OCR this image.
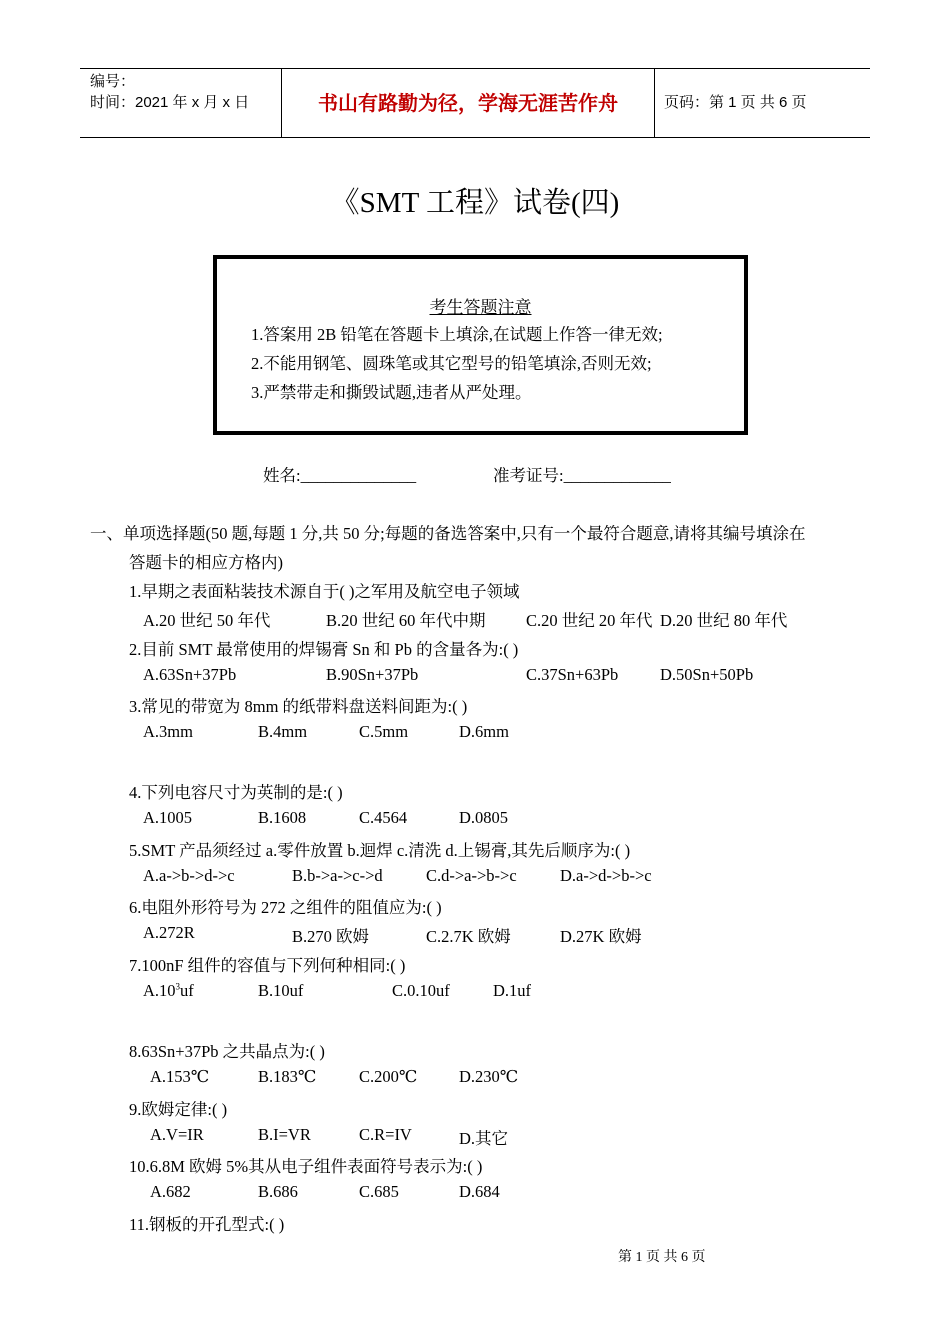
编号：
时间：2021 年 x 月 x 日	书山有路勤为径，学海无涯苦作舟	页码：第 1 页 共 6 页
《SMT 工程》试卷(四)
考生答题注意
1.答案用 2B 铅笔在答题卡上填涂,在试题上作答一律无效;
2.不能用钢笔、圆珠笔或其它型号的铅笔填涂,否则无效;
3.严禁带走和撕毁试题,违者从严处理。
姓名:______________	准考证号:_____________
一、单项选择题(50 题,每题 1 分,共 50 分;每题的备选答案中,只有一个最符合题意,请将其编号填涂在
答题卡的相应方格内)
1.早期之表面粘装技术源自于( )之军用及航空电子领域
A.20 世纪 50 年代	B.20 世纪 60 年代中期 C.20 世纪 20 年代 D.20 世纪 80 年代
2.目前 SMT 最常使用的焊锡膏 Sn 和 Pb 的含量各为:( )
A.63Sn+37Pb	B.90Sn+37Pb	C.37Sn+63Pb	D.50Sn+50Pb
3.常见的带宽为 8mm 的纸带料盘送料间距为:( )
A.3mm	B.4mm	C.5mm	D.6mm
4.下列电容尺寸为英制的是:( )
A.1005	B.1608	C.4564	D.0805
5.SMT 产品须经过 a.零件放置 b.迴焊 c.清洗 d.上锡膏,其先后顺序为:( )
A.a->b->d->c	B.b->a->c->d	C.d->a->b->c	D.a->d->b->c
6.电阻外形符号为 272 之组件的阻值应为:( )
A.272R	B.270 欧姆	C.2.7K 欧姆	D.27K 欧姆
7.100nF 组件的容值与下列何种相同:( )
$A.10^3uf$	B.10uf	C.0.10uf	D.1uf
8.63Sn+37Pb 之共晶点为:( )
A.153℃	B.183℃	C.200℃	D.230℃
9.欧姆定律:( )
A.V=IR	B.I=VR	C.R=IV	D.其它
10.6.8M 欧姆 5%其从电子组件表面符号表示为:( )
A.682	B.686	C.685	D.684
11.钢板的开孔型式:( )
第 1 页 共 6 页
